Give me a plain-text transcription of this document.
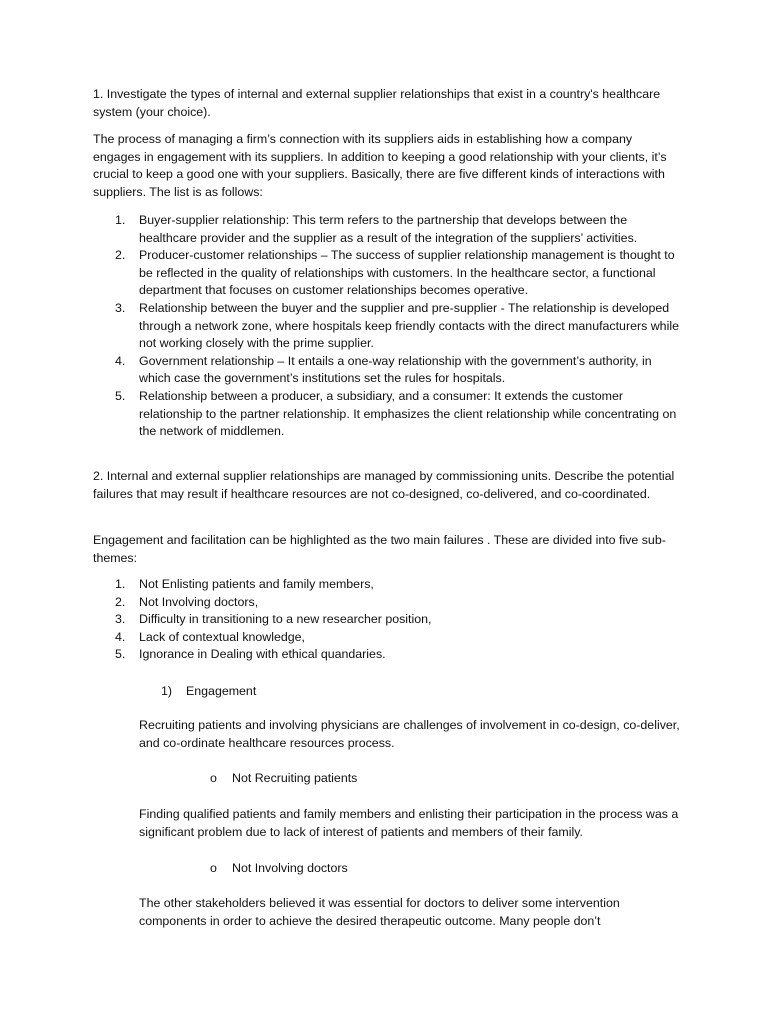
1. Investigate the types of internal and external supplier relationships that exist in a country's healthcare system (your choice).

The process of managing a firm’s connection with its suppliers aids in establishing how a company engages in engagement with its suppliers. In addition to keeping a good relationship with your clients, it’s crucial to keep a good one with your suppliers. Basically, there are five different kinds of interactions with suppliers. The list is as follows:

1. Buyer-supplier relationship: This term refers to the partnership that develops between the healthcare provider and the supplier as a result of the integration of the suppliers’ activities.
2. Producer-customer relationships – The success of supplier relationship management is thought to be reflected in the quality of relationships with customers. In the healthcare sector, a functional department that focuses on customer relationships becomes operative.
3. Relationship between the buyer and the supplier and pre-supplier - The relationship is developed through a network zone, where hospitals keep friendly contacts with the direct manufacturers while not working closely with the prime supplier.
4. Government relationship – It entails a one-way relationship with the government’s authority, in which case the government’s institutions set the rules for hospitals.
5. Relationship between a producer, a subsidiary, and a consumer: It extends the customer relationship to the partner relationship. It emphasizes the client relationship while concentrating on the network of middlemen.

2. Internal and external supplier relationships are managed by commissioning units. Describe the potential failures that may result if healthcare resources are not co-designed, co-delivered, and co-coordinated.

Engagement and facilitation can be highlighted as the two main failures . These are divided into five sub-themes:

1. Not Enlisting patients and family members,
2. Not Involving doctors,
3. Difficulty in transitioning to a new researcher position,
4. Lack of contextual knowledge,
5. Ignorance in Dealing with ethical quandaries.
1) Engagement

Recruiting patients and involving physicians are challenges of involvement in co-design, co-deliver, and co-ordinate healthcare resources process.

o Not Recruiting patients

Finding qualified patients and family members and enlisting their participation in the process was a significant problem due to lack of interest of patients and members of their family.

o Not Involving doctors

The other stakeholders believed it was essential for doctors to deliver some intervention components in order to achieve the desired therapeutic outcome. Many people don’t
